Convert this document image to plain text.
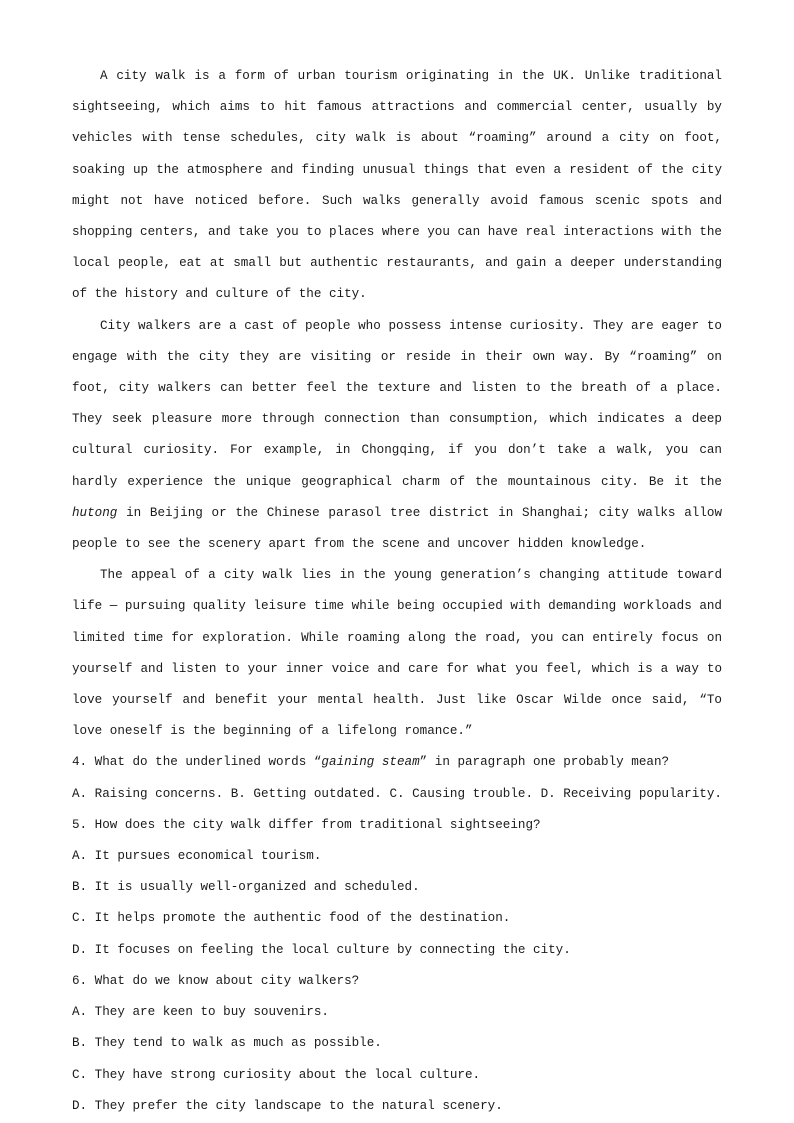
A city walk is a form of urban tourism originating in the UK. Unlike traditional sightseeing, which aims to hit famous attractions and commercial center, usually by vehicles with tense schedules, city walk is about “roaming” around a city on foot, soaking up the atmosphere and finding unusual things that even a resident of the city might not have noticed before. Such walks generally avoid famous scenic spots and shopping centers, and take you to places where you can have real interactions with the local people, eat at small but authentic restaurants, and gain a deeper understanding of the history and culture of the city.

City walkers are a cast of people who possess intense curiosity. They are eager to engage with the city they are visiting or reside in their own way. By “roaming” on foot, city walkers can better feel the texture and listen to the breath of a place. They seek pleasure more through connection than consumption, which indicates a deep cultural curiosity. For example, in Chongqing, if you don’t take a walk, you can hardly experience the unique geographical charm of the mountainous city. Be it the hutong in Beijing or the Chinese parasol tree district in Shanghai; city walks allow people to see the scenery apart from the scene and uncover hidden knowledge.

The appeal of a city walk lies in the young generation’s changing attitude toward life — pursuing quality leisure time while being occupied with demanding workloads and limited time for exploration. While roaming along the road, you can entirely focus on yourself and listen to your inner voice and care for what you feel, which is a way to love yourself and benefit your mental health. Just like Oscar Wilde once said, “To love oneself is the beginning of a lifelong romance.”

4. What do the underlined words “gaining steam” in paragraph one probably mean?

A. Raising concerns. B. Getting outdated. C. Causing trouble. D. Receiving popularity.

5. How does the city walk differ from traditional sightseeing?

A. It pursues economical tourism.

B. It is usually well-organized and scheduled.

C. It helps promote the authentic food of the destination.

D. It focuses on feeling the local culture by connecting the city.

6. What do we know about city walkers?

A. They are keen to buy souvenirs.

B. They tend to walk as much as possible.

C. They have strong curiosity about the local culture.

D. They prefer the city landscape to the natural scenery.
